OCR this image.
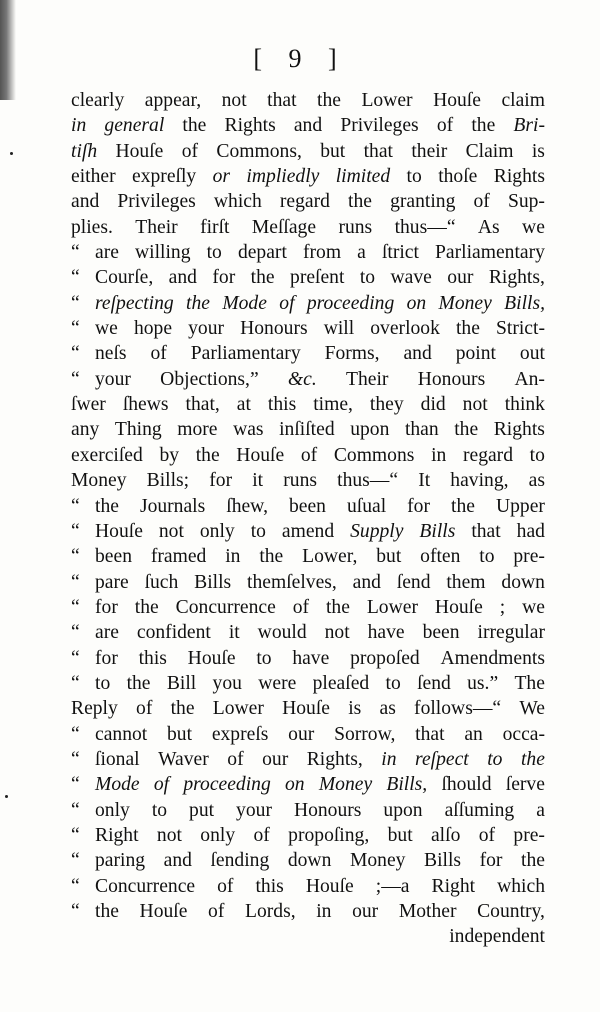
[ 9 ]
clearly appear, not that the Lower Houſe claim
in general the Rights and Privileges of the Bri-
tiſh Houſe of Commons, but that their Claim is
either expreſly or impliedly limited to thoſe Rights
and Privileges which regard the granting of Sup-
plies. Their firſt Meſſage runs thus—“ As we
“ are willing to depart from a ſtrict Parliamentary
“ Courſe, and for the preſent to wave our Rights,
“ reſpecting the Mode of proceeding on Money Bills,
“ we hope your Honours will overlook the Strict-
“ neſs of Parliamentary Forms, and point out
“ your Objections,” &c. Their Honours An-
ſwer ſhews that, at this time, they did not think
any Thing more was inſiſted upon than the Rights
exerciſed by the Houſe of Commons in regard to
Money Bills; for it runs thus—“ It having, as
“ the Journals ſhew, been uſual for the Upper
“ Houſe not only to amend Supply Bills that had
“ been framed in the Lower, but often to pre-
“ pare ſuch Bills themſelves, and ſend them down
“ for the Concurrence of the Lower Houſe ; we
“ are confident it would not have been irregular
“ for this Houſe to have propoſed Amendments
“ to the Bill you were pleaſed to ſend us.” The
Reply of the Lower Houſe is as follows—“ We
“ cannot but expreſs our Sorrow, that an occa-
“ ſional Waver of our Rights, in reſpect to the
“ Mode of proceeding on Money Bills, ſhould ſerve
“ only to put your Honours upon aſſuming a
“ Right not only of propoſing, but alſo of pre-
“ paring and ſending down Money Bills for the
“ Concurrence of this Houſe ;—a Right which
“ the Houſe of Lords, in our Mother Country,
independent
